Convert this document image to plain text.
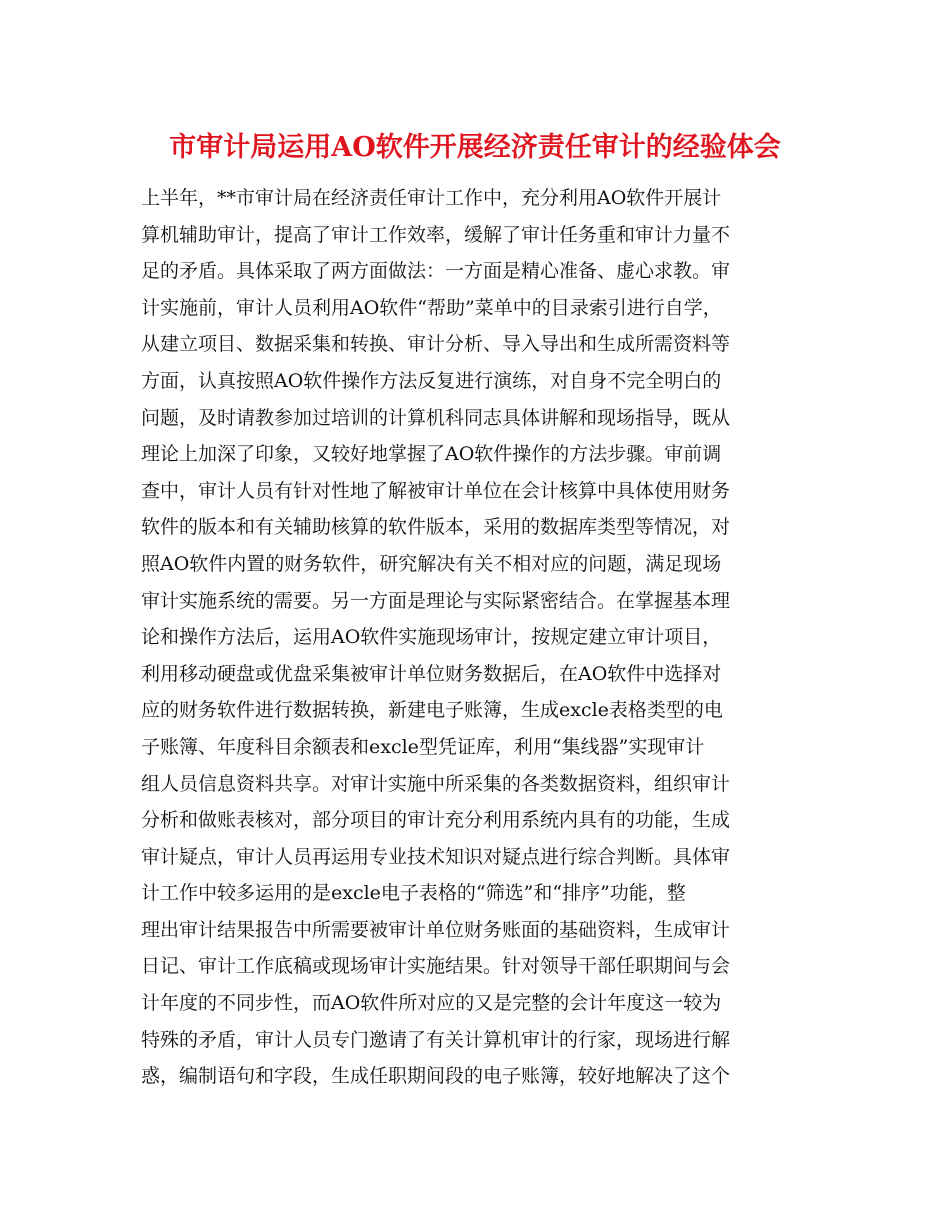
市审计局运用AO软件开展经济责任审计的经验体会
上半年，**市审计局在经济责任审计工作中，充分利用AO软件开展计
算机辅助审计，提高了审计工作效率，缓解了审计任务重和审计力量不
足的矛盾。具体采取了两方面做法：一方面是精心准备、虚心求教。审
计实施前，审计人员利用AO软件“帮助”菜单中的目录索引进行自学，
从建立项目、数据采集和转换、审计分析、导入导出和生成所需资料等
方面，认真按照AO软件操作方法反复进行演练，对自身不完全明白的
问题，及时请教参加过培训的计算机科同志具体讲解和现场指导，既从
理论上加深了印象，又较好地掌握了AO软件操作的方法步骤。审前调
查中，审计人员有针对性地了解被审计单位在会计核算中具体使用财务
软件的版本和有关辅助核算的软件版本，采用的数据库类型等情况，对
照AO软件内置的财务软件，研究解决有关不相对应的问题，满足现场
审计实施系统的需要。另一方面是理论与实际紧密结合。在掌握基本理
论和操作方法后，运用AO软件实施现场审计，按规定建立审计项目，
利用移动硬盘或优盘采集被审计单位财务数据后，在AO软件中选择对
应的财务软件进行数据转换，新建电子账簿，生成excle表格类型的电
子账簿、年度科目余额表和excle型凭证库，利用“集线器”实现审计
组人员信息资料共享。对审计实施中所采集的各类数据资料，组织审计
分析和做账表核对，部分项目的审计充分利用系统内具有的功能，生成
审计疑点，审计人员再运用专业技术知识对疑点进行综合判断。具体审
计工作中较多运用的是excle电子表格的“筛选”和“排序”功能，整
理出审计结果报告中所需要被审计单位财务账面的基础资料，生成审计
日记、审计工作底稿或现场审计实施结果。针对领导干部任职期间与会
计年度的不同步性，而AO软件所对应的又是完整的会计年度这一较为
特殊的矛盾，审计人员专门邀请了有关计算机审计的行家，现场进行解
惑，编制语句和字段，生成任职期间段的电子账簿，较好地解决了这个
